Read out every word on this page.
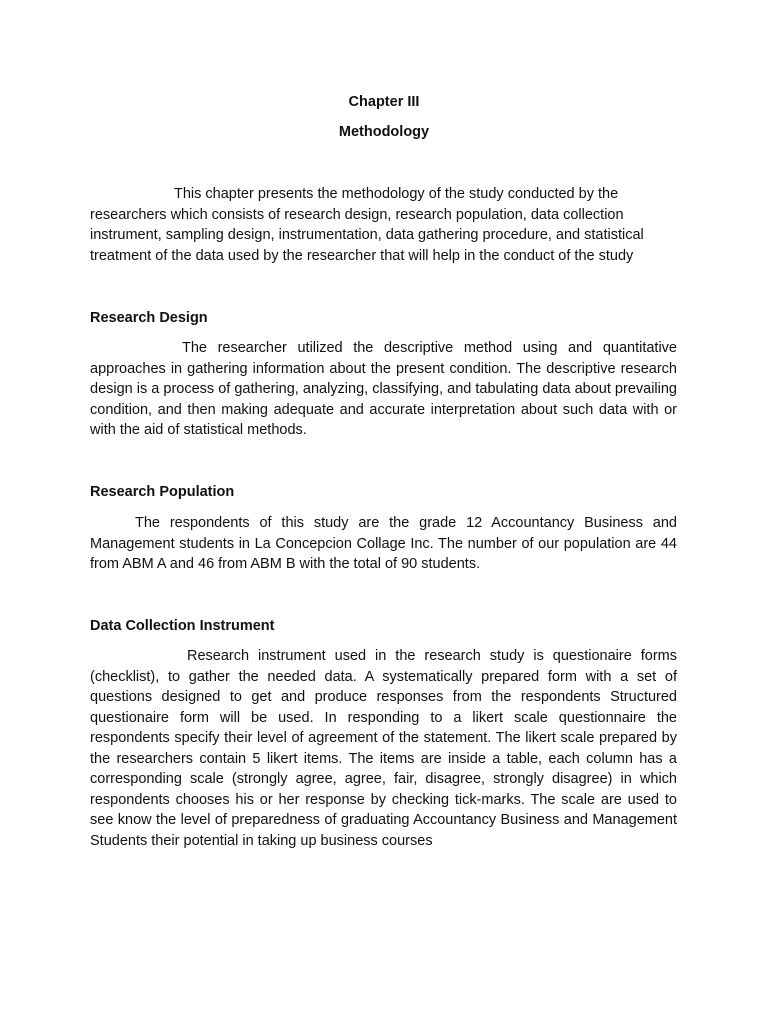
Chapter III
Methodology

This chapter presents the methodology of the study conducted by the researchers which consists of research design, research population, data collection instrument, sampling design, instrumentation, data gathering procedure, and statistical treatment of the data used by the researcher that will help in the conduct of the study

Research Design

The researcher utilized the descriptive method using and quantitative approaches in gathering information about the present condition. The descriptive research design is a process of gathering, analyzing, classifying, and tabulating data about prevailing condition, and then making adequate and accurate interpretation about such data with or with the aid of statistical methods.

Research Population

The respondents of this study are the grade 12 Accountancy Business and Management students in La Concepcion Collage Inc. The number of our population are 44 from ABM A and 46 from ABM B with the total of 90 students.

Data Collection Instrument

Research instrument used in the research study is questionaire forms (checklist), to gather the needed data. A systematically prepared form with a set of questions designed to get and produce responses from the respondents Structured questionaire form will be used. In responding to a likert scale questionnaire the respondents specify their level of agreement of the statement. The likert scale prepared by the researchers contain 5 likert items. The items are inside a table, each column has a corresponding scale (strongly agree, agree, fair, disagree, strongly disagree) in which respondents chooses his or her response by checking tick-marks. The scale are used to see know the level of preparedness of graduating Accountancy Business and Management Students their potential in taking up business courses
